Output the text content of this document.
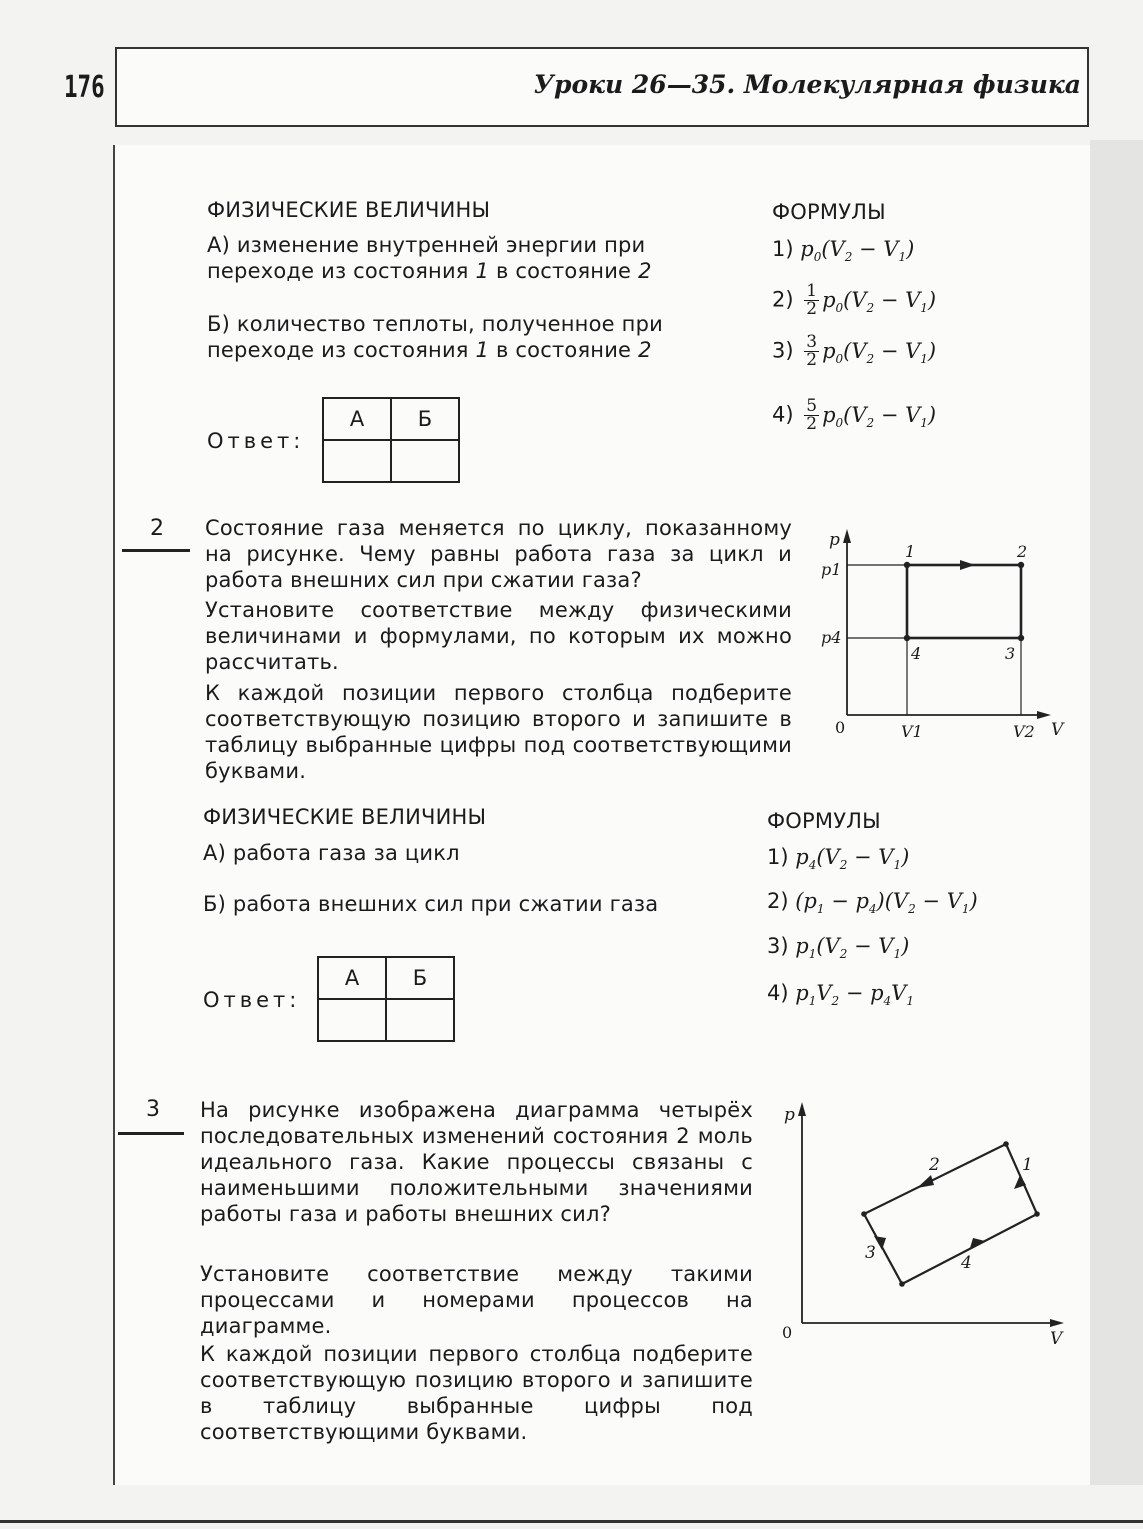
176	Уроки 26—35. Молекулярная физика
ФИЗИЧЕСКИЕ ВЕЛИЧИНЫ	ФОРМУЛЫ
А) изменение внутренней энергии при
переходе из состояния 1 в состояние 2
Б) количество теплоты, полученное при
переходе из состояния 1 в состояние 2
1) $p_0(V_2 - V_1)$
$2) \frac{1}{2} p_0(V_2 - V_1)$
$3) \frac{3}{2} p_0(V_2 - V_1)$
$4) \frac{5}{2} p_0(V_2 - V_1)$
Ответ:
А	Б

2 Состояние газа меняется по циклу, показанному на рисунке. Чему равны работа газа за цикл и работа внешних сил при сжатии газа?
Установите соответствие между физическими величинами и формулами, по которым их можно рассчитать.
К каждой позиции первого столбца подберите соответствующую позицию второго и запишите в таблицу выбранные цифры под соответствующими буквами.
p
V
0
p1
p4
V1	V2
1	2
3
4
ФИЗИЧЕСКИЕ ВЕЛИЧИНЫ	ФОРМУЛЫ
А) работа газа за цикл
Б) работа внешних сил при сжатии газа
1) $p_4(V_2 - V_1)$
2) $(p_1 - p_4)(V_2 - V_1)$
3) $p_1(V_2 - V_1)$
4) $p_1V_2 - p_4V_1$
Ответ:
А	Б

3 На рисунке изображена диаграмма четырёх последовательных изменений состояния 2 моль идеального газа. Какие процессы связаны с наименьшими положительными значениями работы газа и работы внешних сил?
Установите соответствие между такими процессами и номерами процессов на диаграмме.
К каждой позиции первого столбца подберите соответствующую позицию второго и запишите в таблицу выбранные цифры под соответствующими буквами.
p
V
0
1
2
3	4
